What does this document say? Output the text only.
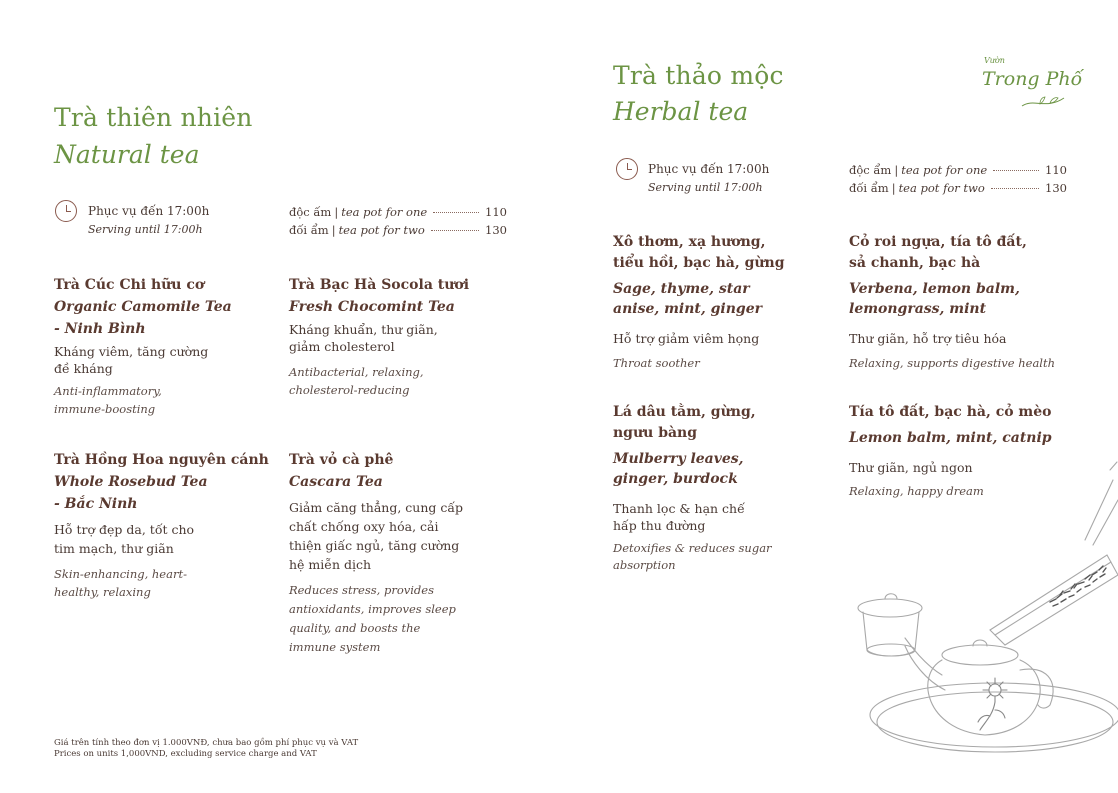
Trà thiên nhiên
Natural tea
Phục vụ đến 17:00h
Serving until 17:00h
độc ấm | tea pot for one	110
đối ẩm | tea pot for two	130
Trà Cúc Chi hữu cơ
Organic Camomile Tea
- Ninh Bình
Kháng viêm, tăng cường đề kháng
Anti-inflammatory, immune-boosting
Trà Bạc Hà Socola tươi
Fresh Chocomint Tea
Kháng khuẩn, thư giãn, giảm cholesterol
Antibacterial, relaxing, cholesterol-reducing
Trà Hồng Hoa nguyên cánh
Whole Rosebud Tea
- Bắc Ninh
Hỗ trợ đẹp da, tốt cho tim mạch, thư giãn
Skin-enhancing, heart-healthy, relaxing
Trà vỏ cà phê
Cascara Tea
Giảm căng thẳng, cung cấp chất chống oxy hóa, cải thiện giấc ngủ, tăng cường hệ miễn dịch
Reduces stress, provides antioxidants, improves sleep quality, and boosts the immune system
Giá trên tính theo đơn vị 1.000VNĐ, chưa bao gồm phí phục vụ và VAT
Prices on units 1,000VND, excluding service charge and VAT
Trà thảo mộc
Herbal tea
Vườn
Trong Phố
Phục vụ đến 17:00h
Serving until 17:00h
độc ẩm | tea pot for one	110
đối ẩm | tea pot for two	130
Xô thơm, xạ hương, tiểu hồi, bạc hà, gừng
Sage, thyme, star anise, mint, ginger
Hỗ trợ giảm viêm họng
Throat soother
Cỏ roi ngựa, tía tô đất, sả chanh, bạc hà
Verbena, lemon balm, lemongrass, mint
Thư giãn, hỗ trợ tiêu hóa
Relaxing, supports digestive health
Lá dâu tằm, gừng, ngưu bàng
Mulberry leaves, ginger, burdock
Thanh lọc & hạn chế hấp thu đường
Detoxifies & reduces sugar absorption
Tía tô đất, bạc hà, cỏ mèo
Lemon balm, mint, catnip
Thư giãn, ngủ ngon
Relaxing, happy dream
